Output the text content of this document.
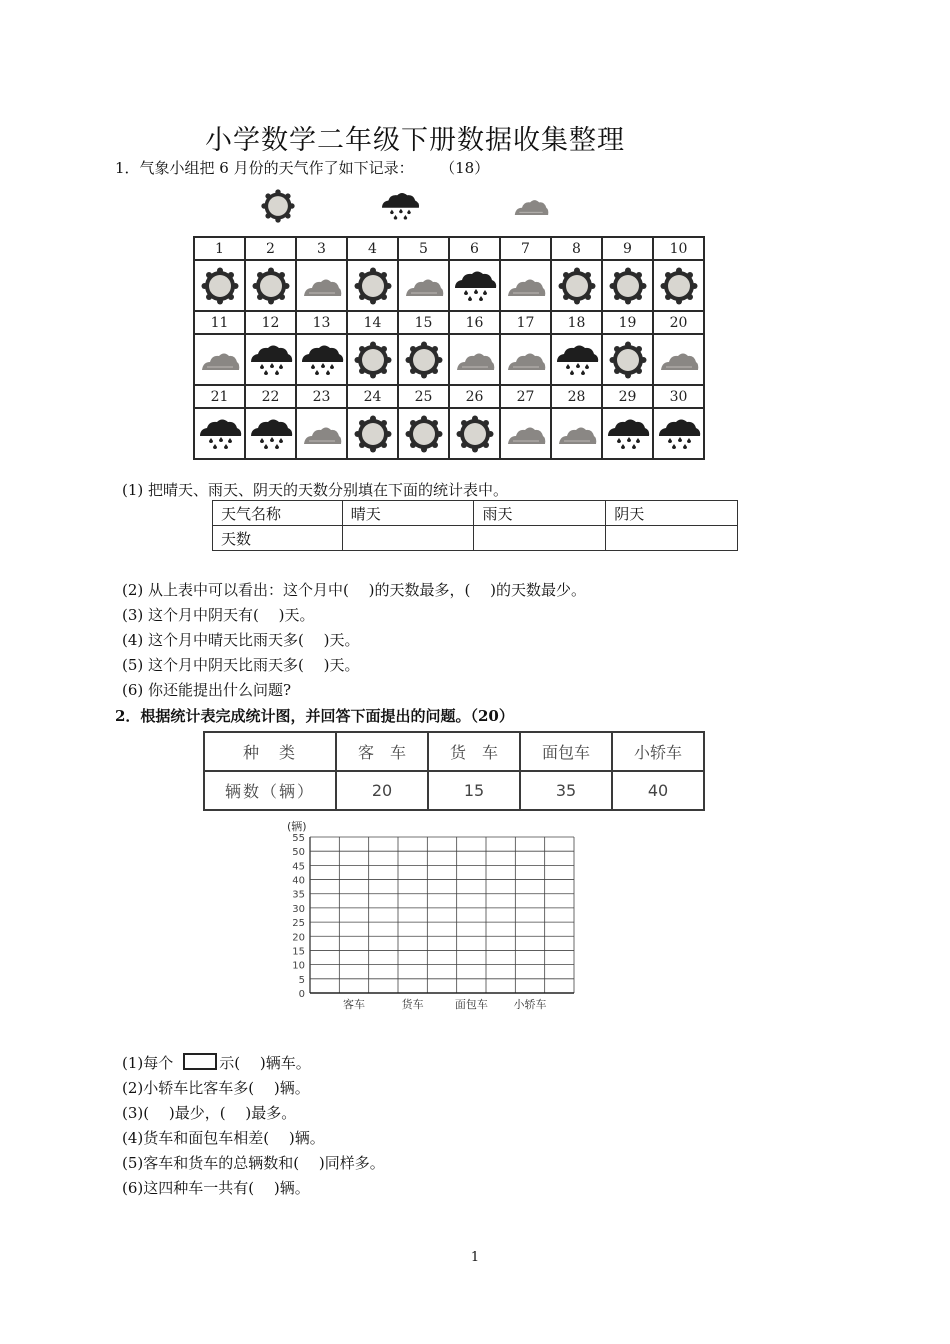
小学数学二年级下册数据收集整理
1．气象小组把 6 月份的天气作了如下记录： （18）
1	2	3	4	5	6	7	8	9	10

11	12	13	14	15	16	17	18	19	20

21	22	23	24	25	26	27	28	29	30

(1) 把晴天、雨天、阴天的天数分别填在下面的统计表中。
天气名称	晴天	雨天	阴天
天数			
(2) 从上表中可以看出：这个月中(　 )的天数最多，(　 )的天数最少。
(3) 这个月中阴天有(　 )天。
(4) 这个月中晴天比雨天多(　 )天。
(5) 这个月中阴天比雨天多(　 )天。
(6) 你还能提出什么问题?
2．根据统计表完成统计图，并回答下面提出的问题。（20）
种　类	客　车	货　车	面包车	小轿车
辆数（辆）	20	15	35	40
(辆)
55
50
45
40
35
30
25
20
15
10
5
0
客车	货车	面包车 小轿车
(1)每个	示(　 )辆车。
(2)小轿车比客车多(　 )辆。
(3)(　 )最少，(　 )最多。
(4)货车和面包车相差(　 )辆。
(5)客车和货车的总辆数和(　 )同样多。
(6)这四种车一共有(　 )辆。
1
